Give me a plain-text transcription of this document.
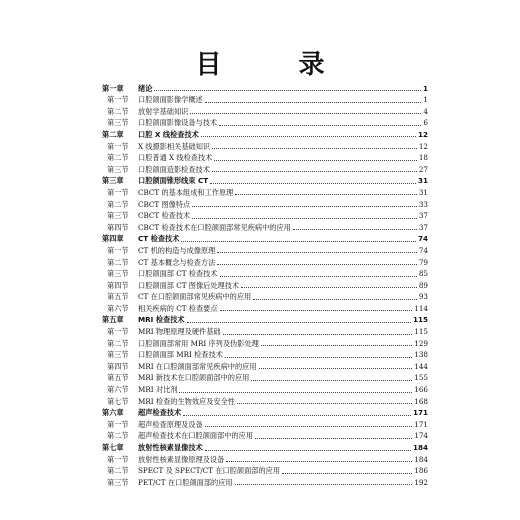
目 录
第一章	绪论	1
第一节	口腔颌面影像学概述	1
第二节	放射学基础知识	4
第三节	口腔颌面影像设备与技术	6
第二章	口腔 X 线检查技术	12
第一节	X 线摄影相关基础知识	12
第二节	口腔普通 X 线检查技术	18
第三节	口腔颌面造影检查技术	27
第三章	口腔颌面锥形线束 CT	31
第一节	CBCT 的基本组成和工作原理	31
第二节	CBCT 图像特点	33
第三节	CBCT 检查技术	37
第四节	CBCT 检查技术在口腔颌面部常见疾病中的应用	37
第四章	CT 检查技术	74
第一节	CT 机的构造与成像原理	74
第二节	CT 基本概念与检查方法	79
第三节	口腔颌面部 CT 检查技术	85
第四节	口腔颌面部 CT 图像后处理技术	89
第五节	CT 在口腔颌面部常见疾病中的应用	93
第六节	相关疾病的 CT 检查要点	114
第五章	MRI 检查技术	115
第一节	MRI 物理原理及硬件基础	115
第二节	口腔颌面部常用 MRI 序列及伪影处理	129
第三节	口腔颌面部 MRI 检查技术	138
第四节	MRI 在口腔颌面部常见疾病中的应用	144
第五节	MRI 新技术在口腔颌面部中的应用	155
第六节	MRI 对比剂	166
第七节	MRI 检查的生物效应及安全性	168
第六章	超声检查技术	171
第一节	超声检查原理及设备	171
第二节	超声检查技术在口腔颌面部中的应用	174
第七章	放射性核素显像技术	184
第一节	放射性核素显像原理及设备	184
第二节	SPECT 及 SPECT/CT 在口腔颌面部的应用	186
第三节	PET/CT 在口腔颌面部的应用	192
